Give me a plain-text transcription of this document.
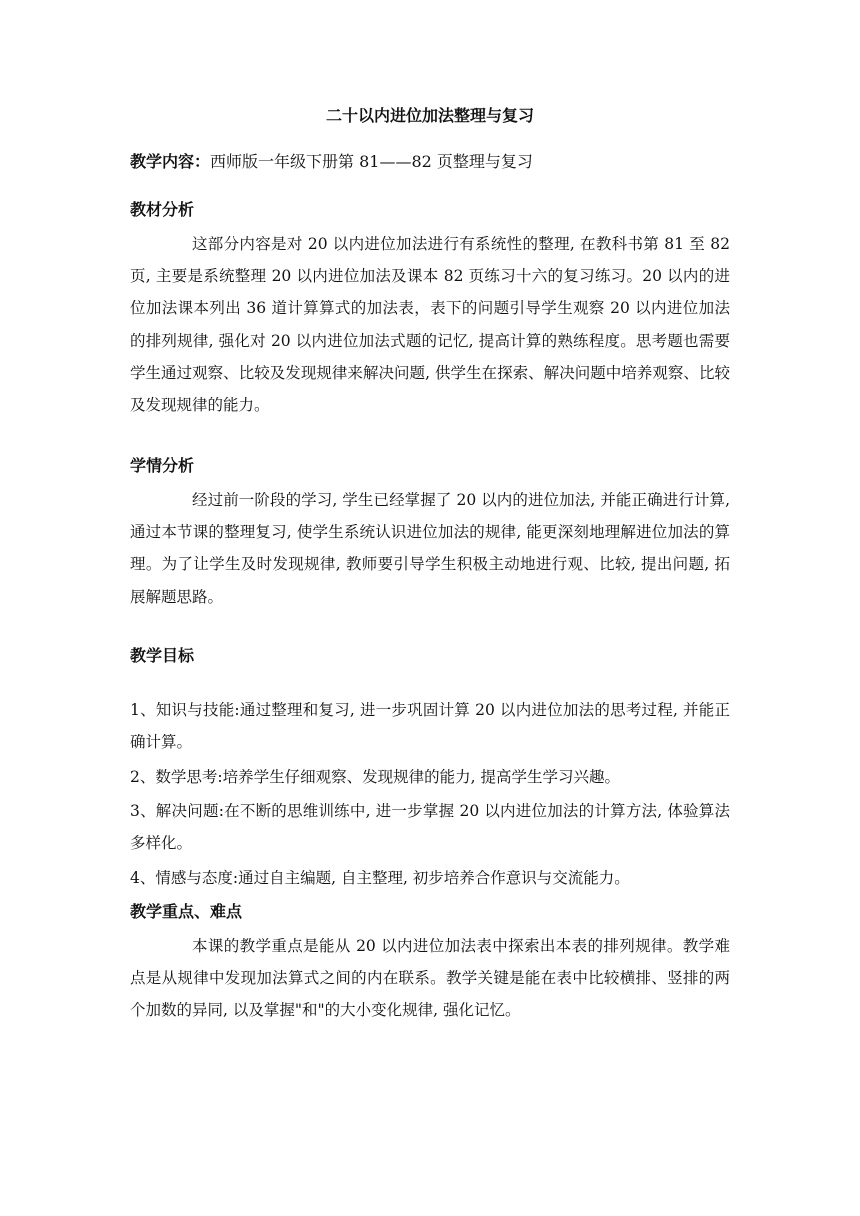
二十以内进位加法整理与复习
教学内容：西师版一年级下册第 81——82 页整理与复习
教材分析

这部分内容是对 20 以内进位加法进行有系统性的整理, 在教科书第 81 至 82 页, 主要是系统整理 20 以内进位加法及课本 82 页练习十六的复习练习。20 以内的进位加法课本列出 36 道计算算式的加法表，表下的问题引导学生观察 20 以内进位加法的排列规律, 强化对 20 以内进位加法式题的记忆, 提高计算的熟练程度。思考题也需要学生通过观察、比较及发现规律来解决问题, 供学生在探索、解决问题中培养观察、比较及发现规律的能力。

学情分析

经过前一阶段的学习, 学生已经掌握了 20 以内的进位加法, 并能正确进行计算, 通过本节课的整理复习, 使学生系统认识进位加法的规律, 能更深刻地理解进位加法的算理。为了让学生及时发现规律, 教师要引导学生积极主动地进行观、比较, 提出问题, 拓展解题思路。

教学目标

1、知识与技能:通过整理和复习, 进一步巩固计算 20 以内进位加法的思考过程, 并能正确计算。

2、数学思考:培养学生仔细观察、发现规律的能力, 提高学生学习兴趣。

3、解决问题:在不断的思维训练中, 进一步掌握 20 以内进位加法的计算方法, 体验算法多样化。

4、情感与态度:通过自主编题, 自主整理, 初步培养合作意识与交流能力。

教学重点、难点

本课的教学重点是能从 20 以内进位加法表中探索出本表的排列规律。教学难点是从规律中发现加法算式之间的内在联系。教学关键是能在表中比较横排、竖排的两个加数的异同, 以及掌握"和"的大小变化规律, 强化记忆。
